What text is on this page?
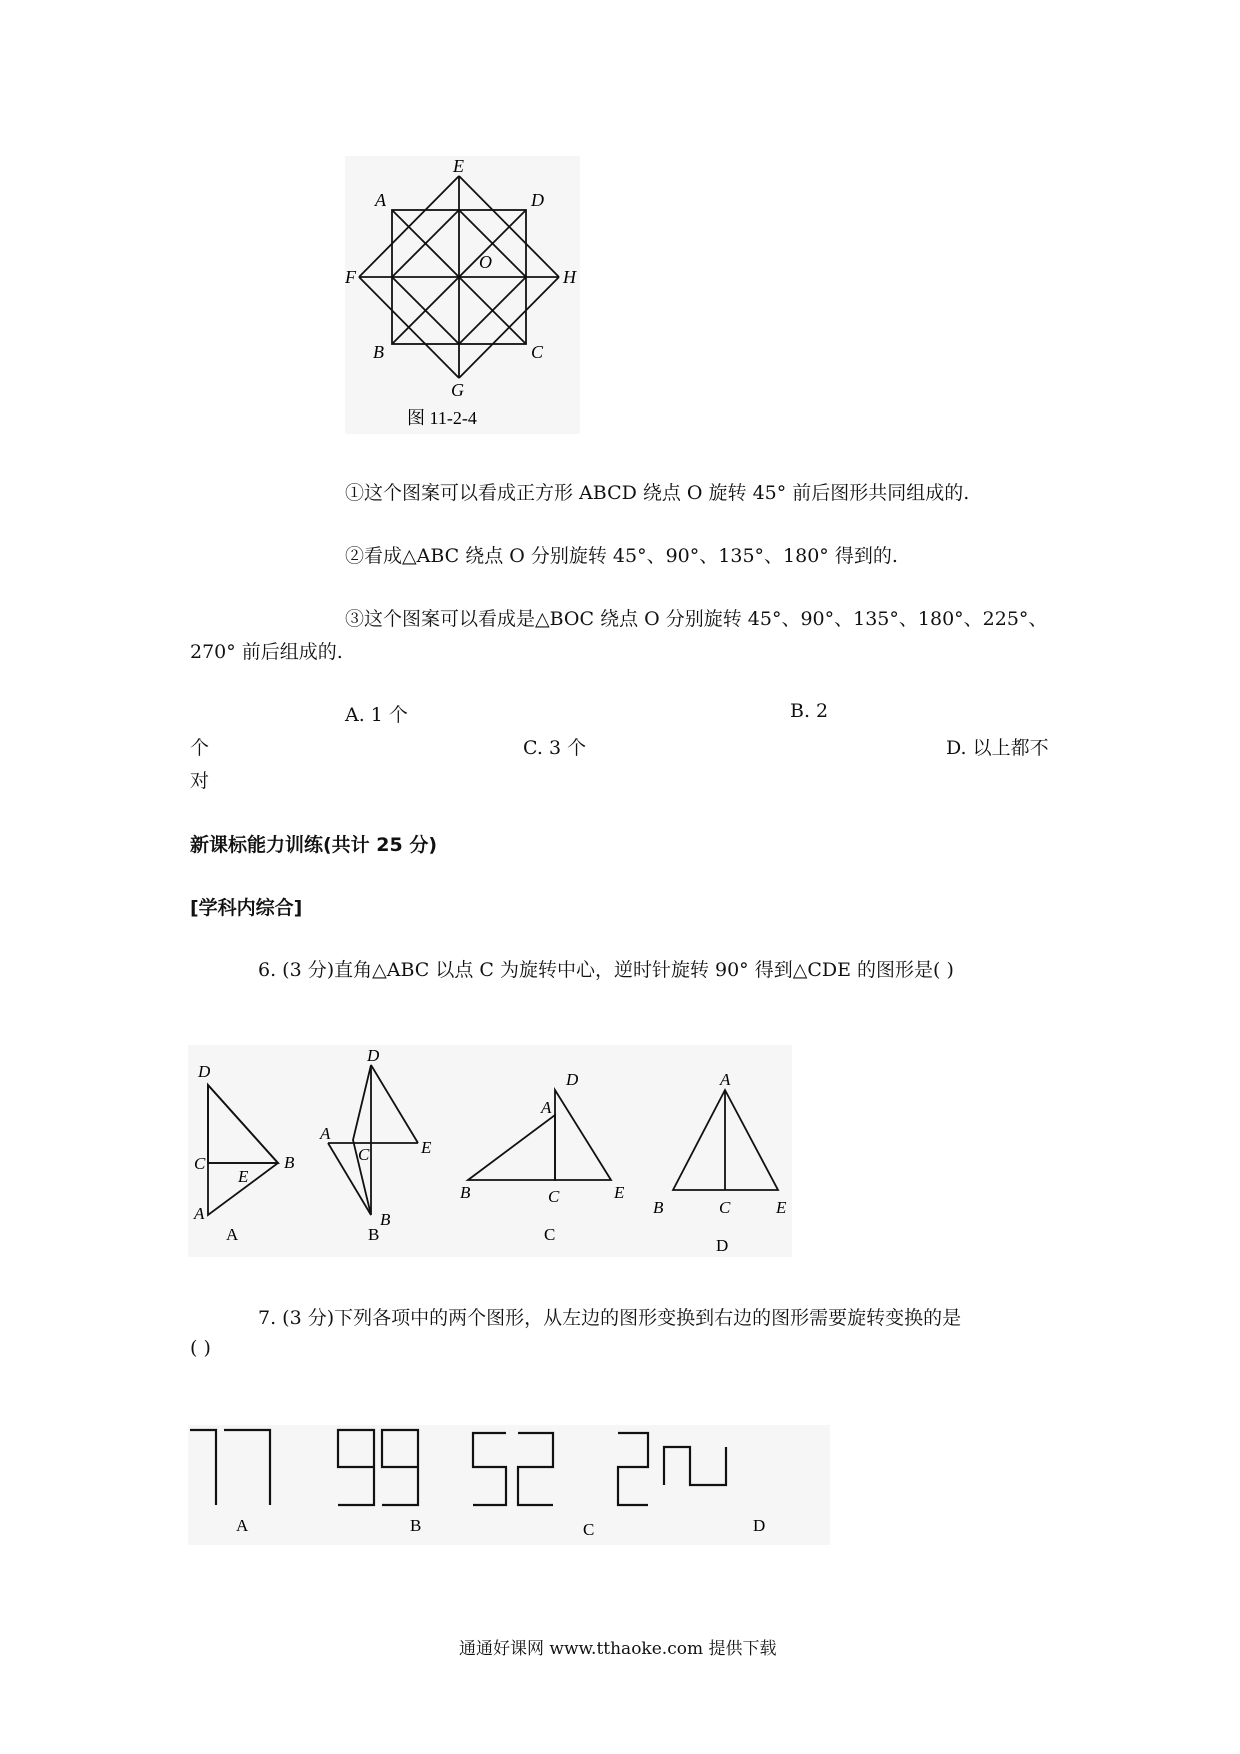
E
A	D
F
O
H
B	C
G
图 11-2-4
①这个图案可以看成正方形 ABCD 绕点 O 旋转 45° 前后图形共同组成的.
②看成△ABC 绕点 O 分别旋转 45°、90°、135°、180° 得到的.
③这个图案可以看成是△BOC 绕点 O 分别旋转 45°、90°、135°、180°、225°、
270° 前后组成的.
A. 1 个	B. 2
个	C. 3 个	D. 以上都不
对
新课标能力训练(共计 25 分)
[学科内综合]
6. (3 分)直角△ABC 以点 C 为旋转中心，逆时针旋转 90° 得到△CDE 的图形是( )
D
C
E
B
A
D
A
C	E
B
D
A
B	C	E
A
B	C	E
A	B	C
D
7. (3 分)下列各项中的两个图形，从左边的图形变换到右边的图形需要旋转变换的是
( )
A	B	C	D
通通好课网 www.tthaoke.com 提供下载
